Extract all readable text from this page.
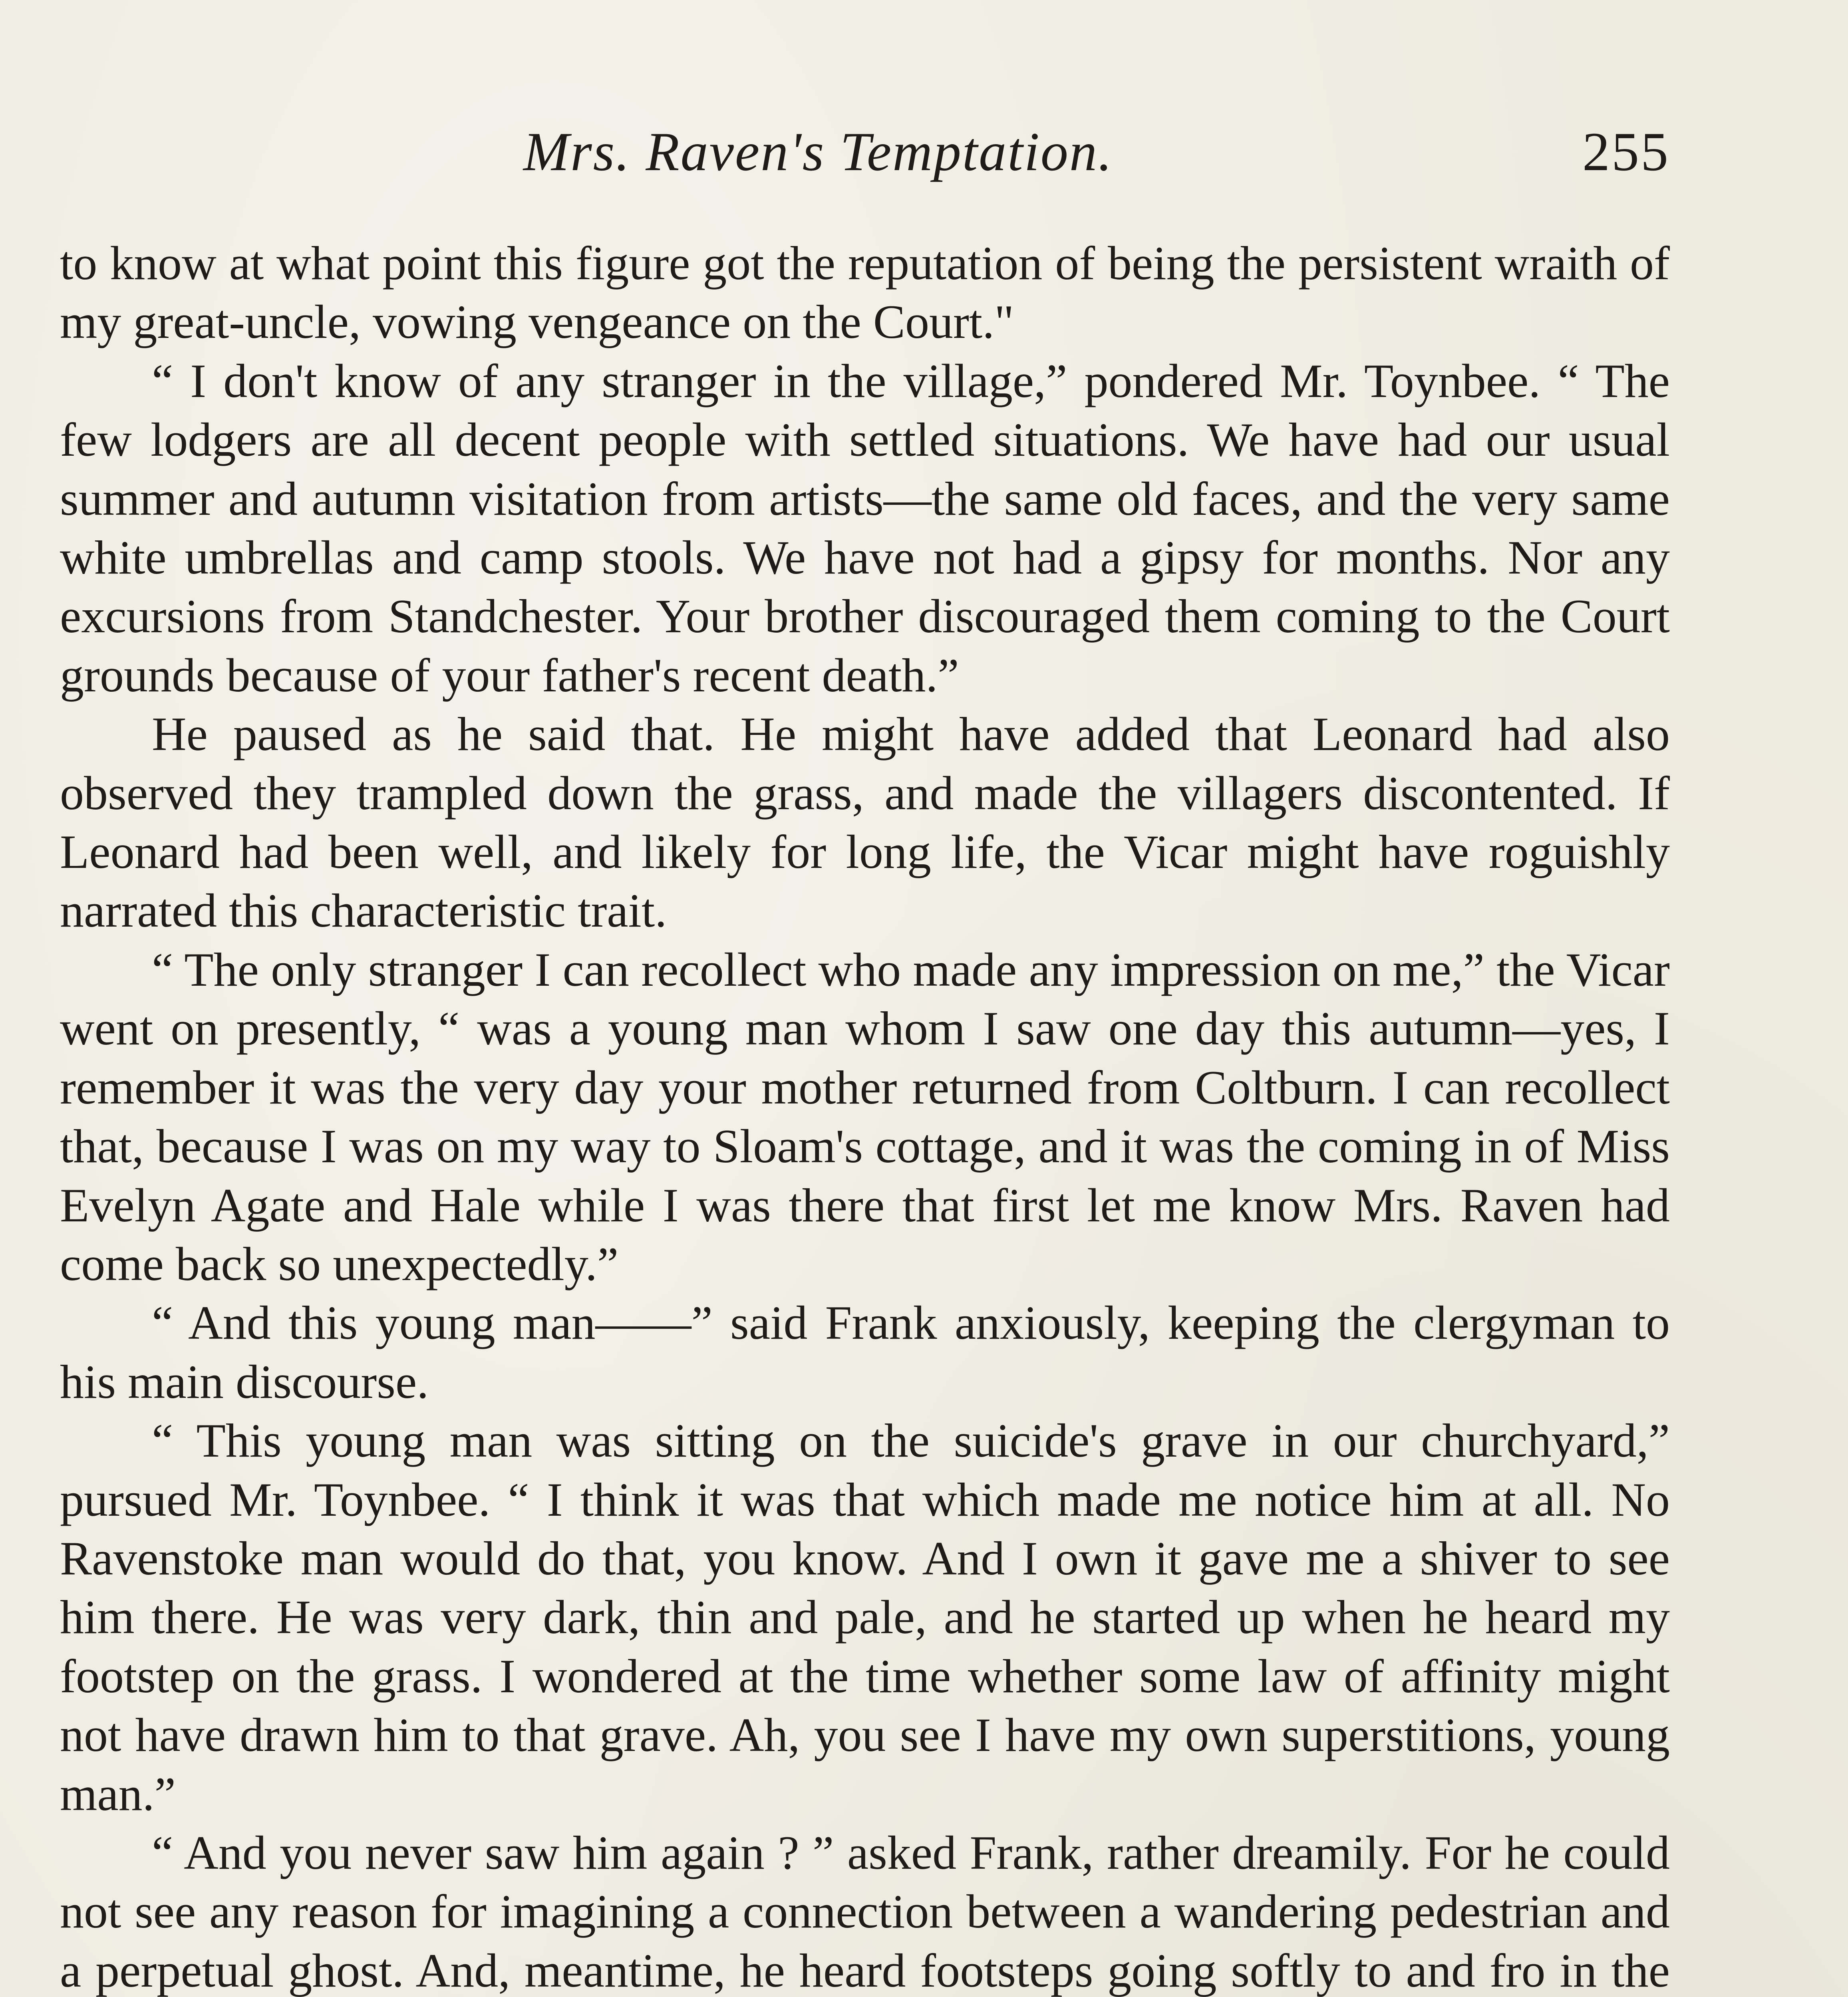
Mrs. Raven's Temptation.	255

to know at what point this figure got the reputation of being the persistent wraith of my great-uncle, vowing vengeance on the Court."

“ I don't know of any stranger in the village,” pondered Mr. Toynbee. “ The few lodgers are all decent people with settled situations. We have had our usual summer and autumn visitation from artists—the same old faces, and the very same white umbrellas and camp stools. We have not had a gipsy for months. Nor any excursions from Standchester. Your brother discouraged them coming to the Court grounds because of your father's recent death.”

He paused as he said that. He might have added that Leonard had also observed they trampled down the grass, and made the villagers discontented. If Leonard had been well, and likely for long life, the Vicar might have roguishly narrated this characteristic trait.

“ The only stranger I can recollect who made any impression on me,” the Vicar went on presently, “ was a young man whom I saw one day this autumn—yes, I remember it was the very day your mother returned from Coltburn. I can recollect that, because I was on my way to Sloam's cottage, and it was the coming in of Miss Evelyn Agate and Hale while I was there that first let me know Mrs. Raven had come back so unexpectedly.”

“ And this young man——” said Frank anxiously, keeping the clergyman to his main discourse.

“ This young man was sitting on the suicide's grave in our churchyard,” pursued Mr. Toynbee. “ I think it was that which made me notice him at all. No Ravenstoke man would do that, you know. And I own it gave me a shiver to see him there. He was very dark, thin and pale, and he started up when he heard my footstep on the grass. I wondered at the time whether some law of affinity might not have drawn him to that grave. Ah, you see I have my own superstitions, young man.”

“ And you never saw him again ? ” asked Frank, rather dreamily. For he could not see any reason for imagining a connection between a wandering pedestrian and a perpetual ghost. And, meantime, he heard footsteps going softly to and fro in the
